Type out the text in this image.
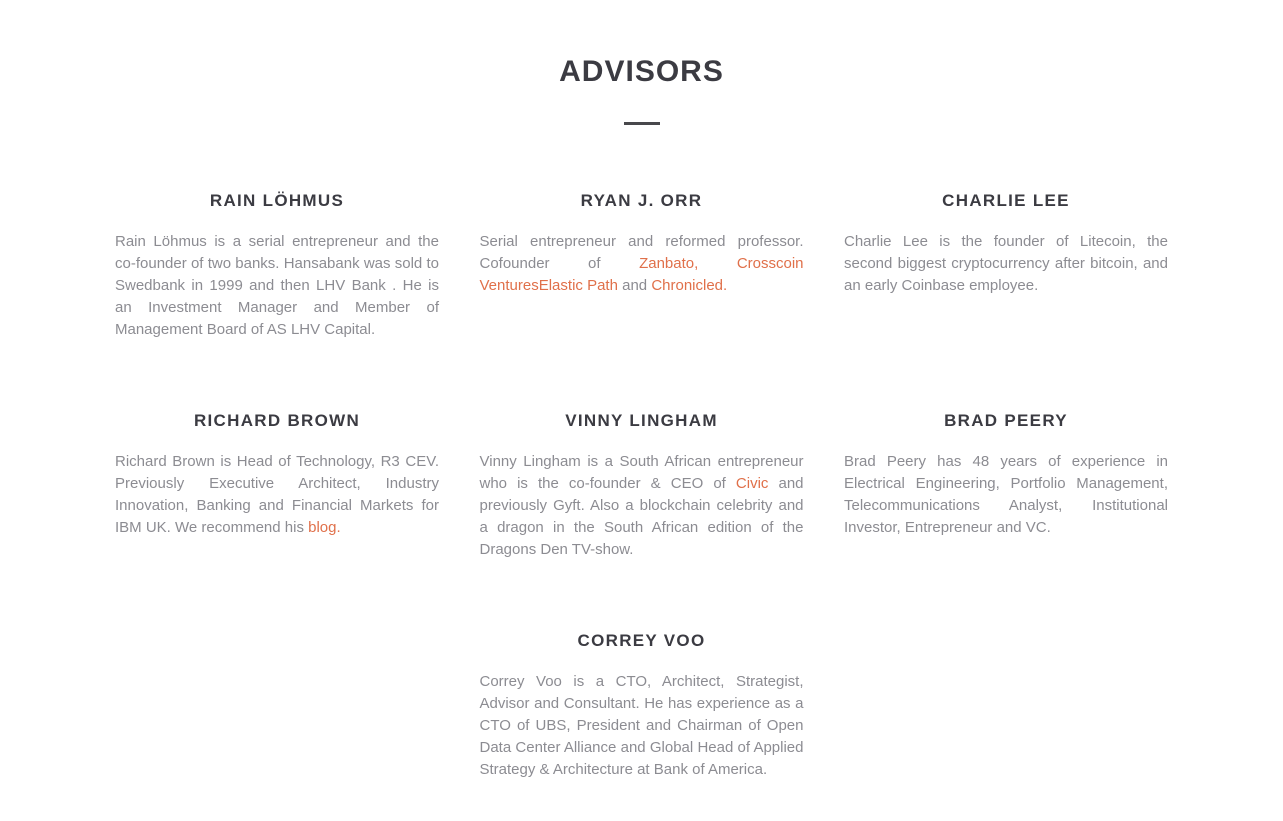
ADVISORS
RAIN LÖHMUS

Rain Löhmus is a serial entrepreneur and the co-founder of two banks. Hansabank was sold to Swedbank in 1999 and then LHV Bank . He is an Investment Manager and Member of Management Board of AS LHV Capital.

RYAN J. ORR

Serial entrepreneur and reformed professor. Cofounder of Zanbato,	Crosscoin VenturesElastic Path and Chronicled.

CHARLIE LEE

Charlie Lee is the founder of Litecoin, the second biggest cryptocurrency after bitcoin, and an early Coinbase employee.

RICHARD BROWN

Richard Brown is Head of Technology, R3 CEV. Previously Executive Architect, Industry Innovation, Banking and Financial Markets for IBM UK. We recommend his blog.

VINNY LINGHAM

Vinny Lingham is a South African entrepreneur who is the co-founder & CEO of Civic and previously Gyft. Also a blockchain celebrity and a dragon in the South African edition of the Dragons Den TV-show.

BRAD PEERY

Brad Peery has 48 years of experience in Electrical Engineering, Portfolio Management, Telecommunications Analyst, Institutional Investor, Entrepreneur and VC.

CORREY VOO

Correy Voo is a CTO, Architect, Strategist, Advisor and Consultant. He has experience as a CTO of UBS, President and Chairman of Open Data Center Alliance and Global Head of Applied Strategy & Architecture at Bank of America.
